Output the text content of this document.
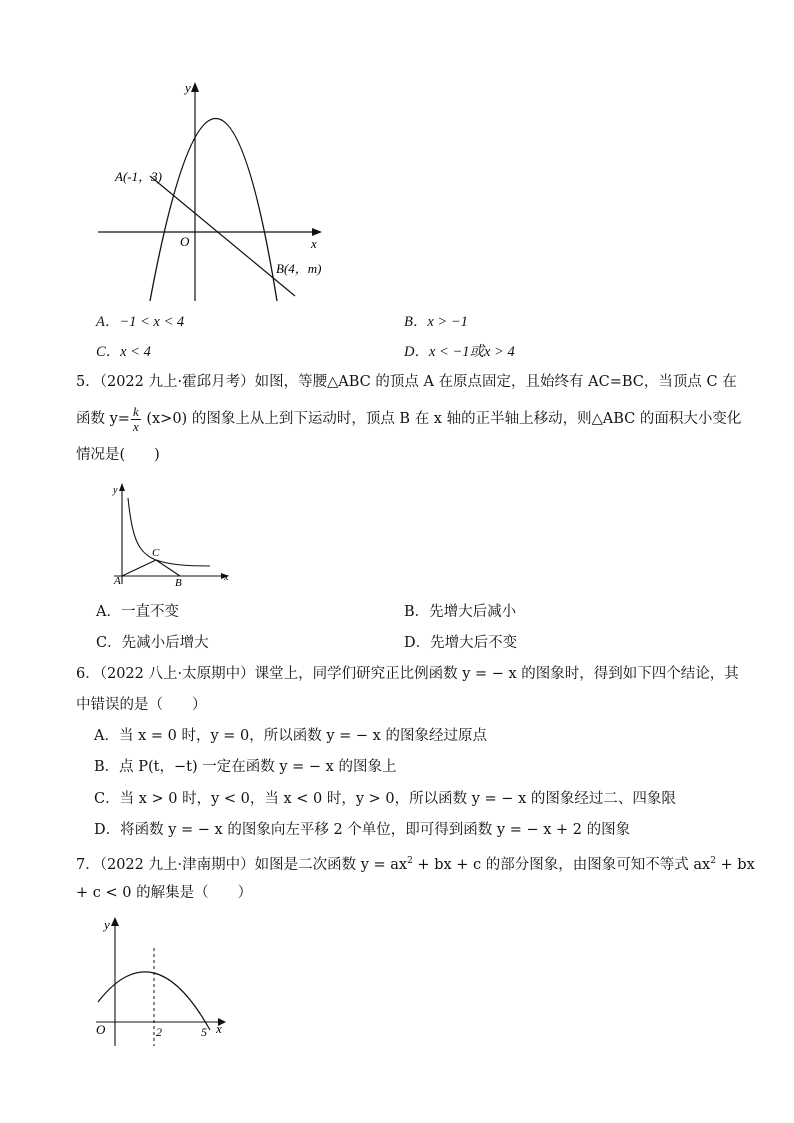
y
x
O
A(-1，3)
B(4，m)
A．−1 < x < 4	B．x > −1
C．x < 4	D．x < −1或x > 4
5．（2022 九上·霍邱月考）如图，等腰△ABC 的顶点 A 在原点固定，且始终有 AC=BC，当顶点 C 在
函数 $y= \frac{k}{x} (x>0)$ 的图象上从上到下运动时，顶点 B 在 x 轴的正半轴上移动，则△ABC 的面积大小变化
情况是(　　)
y
x
A	B
C
A．一直不变	B．先增大后减小
C．先减小后增大	D．先增大后不变
6．（2022 八上·太原期中）课堂上，同学们研究正比例函数 y = − x 的图象时，得到如下四个结论，其
中错误的是（　　）
A．当 x = 0 时，y = 0，所以函数 y = − x 的图象经过原点
B．点 P(t，−t) 一定在函数 y = − x 的图象上
C．当 x > 0 时，y < 0，当 x < 0 时，y > 0，所以函数 y = − x 的图象经过二、四象限
D．将函数 y = − x 的图象向左平移 2 个单位，即可得到函数 y = − x + 2 的图象
7．（2022 九上·津南期中）如图是二次函数 $y = ax^2$ + bx + c 的部分图象，由图象可知不等式 $ax^2$ + bx
+ c < 0 的解集是（　　）
y
x
O	2	5
